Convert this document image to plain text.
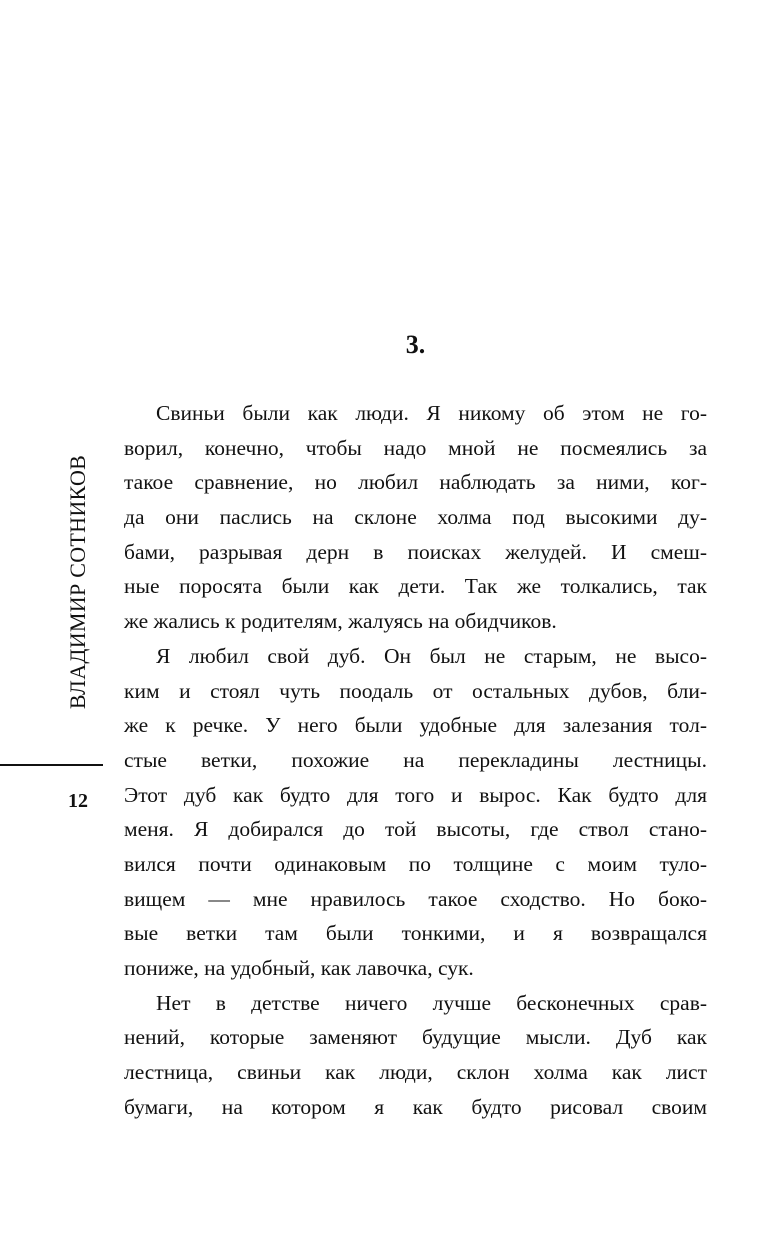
3.
ВЛАДИМИР СОТНИКОВ
12
Свиньи были как люди. Я никому об этом не го-
ворил, конечно, чтобы надо мной не посмеялись за
такое сравнение, но любил наблюдать за ними, ког-
да они паслись на склоне холма под высокими ду-
бами, разрывая дерн в поисках желудей. И смеш-
ные поросята были как дети. Так же толкались, так
же жались к родителям, жалуясь на обидчиков.
Я любил свой дуб. Он был не старым, не высо-
ким и стоял чуть поодаль от остальных дубов, бли-
же к речке. У него были удобные для залезания тол-
стые ветки, похожие на перекладины лестницы.
Этот дуб как будто для того и вырос. Как будто для
меня. Я добирался до той высоты, где ствол стано-
вился почти одинаковым по толщине с моим туло-
вищем — мне нравилось такое сходство. Но боко-
вые ветки там были тонкими, и я возвращался
пониже, на удобный, как лавочка, сук.
Нет в детстве ничего лучше бесконечных срав-
нений, которые заменяют будущие мысли. Дуб как
лестница, свиньи как люди, склон холма как лист
бумаги, на котором я как будто рисовал своим
